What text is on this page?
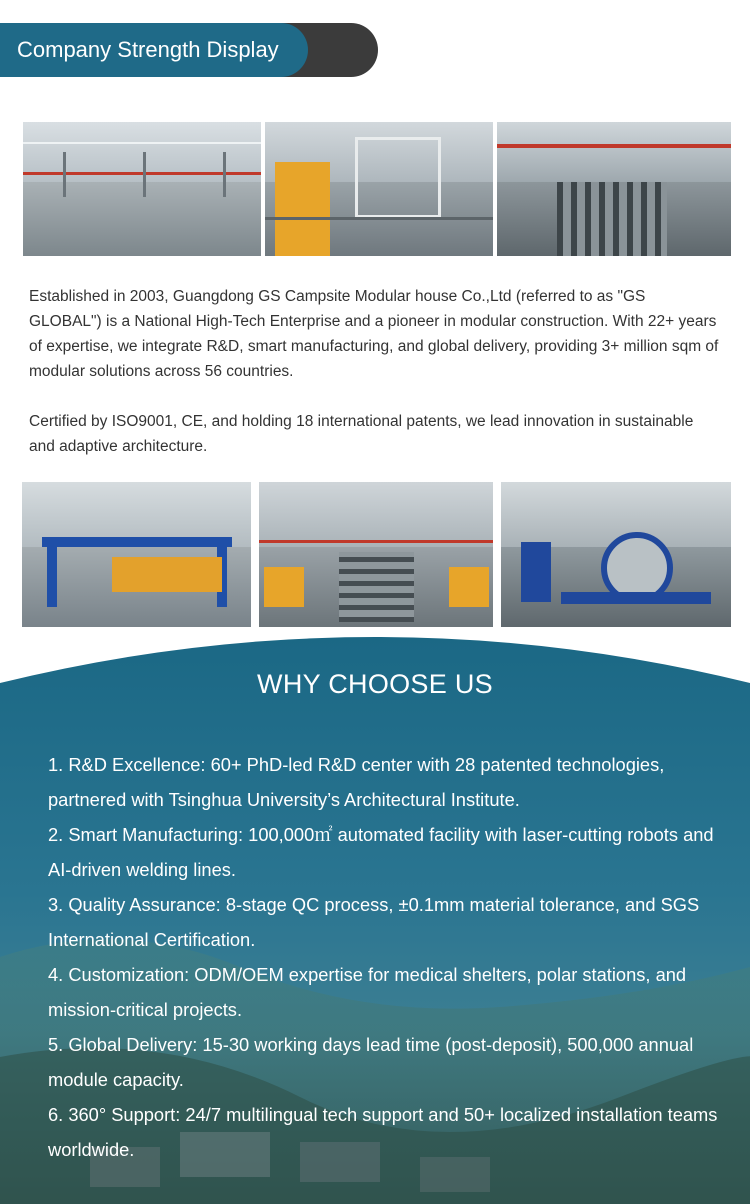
Company Strength Display

Established in 2003, Guangdong GS Campsite Modular house Co.,Ltd (referred to as "GS GLOBAL") is a National High-Tech Enterprise and a pioneer in modular construction. With 22+ years of expertise, we integrate R&D, smart manufacturing, and global delivery, providing 3+ million sqm of modular solutions across 56 countries.

Certified by ISO9001, CE, and holding 18 international patents, we lead innovation in sustainable and adaptive architecture.

WHY CHOOSE US
1. R&D Excellence: 60+ PhD-led R&D center with 28 patented technologies, partnered with Tsinghua University’s Architectural Institute.
2. Smart Manufacturing: 100,000㎡ automated facility with laser-cutting robots and AI-driven welding lines.
3. Quality Assurance: 8-stage QC process, ±0.1mm material tolerance, and SGS International Certification.
4. Customization: ODM/OEM expertise for medical shelters, polar stations, and mission-critical projects.
5. Global Delivery: 15-30 working days lead time (post-deposit), 500,000 annual module capacity.
6. 360° Support: 24/7 multilingual tech support and 50+ localized installation teams worldwide.
